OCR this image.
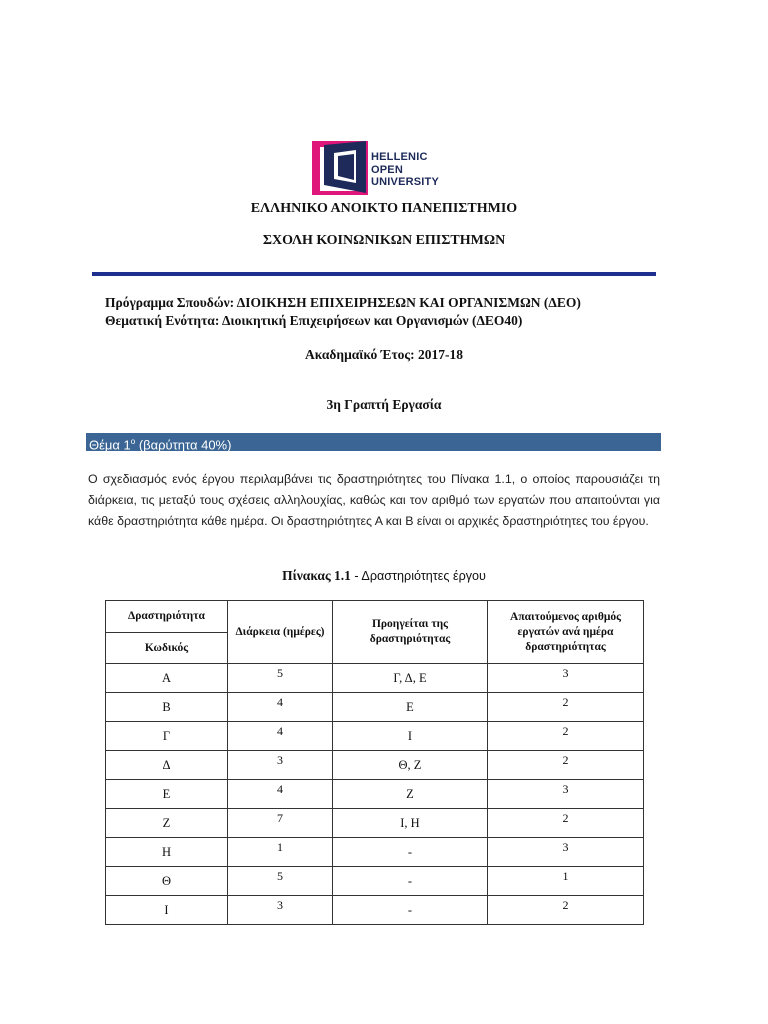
HELLENIC
OPEN
UNIVERSITY
ΕΛΛΗΝΙΚΟ ΑΝΟΙΚΤΟ ΠΑΝΕΠΙΣΤΗΜΙΟ
ΣΧΟΛΗ ΚΟΙΝΩΝΙΚΩΝ ΕΠΙΣΤΗΜΩΝ
Πρόγραμμα Σπουδών: ΔΙΟΙΚΗΣΗ ΕΠΙΧΕΙΡΗΣΕΩΝ ΚΑΙ ΟΡΓΑΝΙΣΜΩΝ (ΔΕΟ)
Θεματική Ενότητα: Διοικητική Επιχειρήσεων και Οργανισμών (ΔΕΟ40)
Ακαδημαϊκό Έτος: 2017-18
3η Γραπτή Εργασία
Θέμα $1^o$ (βαρύτητα 40%)
Ο σχεδιασμός ενός έργου περιλαμβάνει τις δραστηριότητες του Πίνακα 1.1, ο οποίος παρουσιάζει τη διάρκεια, τις μεταξύ τους σχέσεις αλληλουχίας, καθώς και τον αριθμό των εργατών που απαιτούνται για κάθε δραστηριότητα κάθε ημέρα. Οι δραστηριότητες Α και Β είναι οι αρχικές δραστηριότητες του έργου.
Πίνακας 1.1 - Δραστηριότητες έργου
Δραστηριότητα	Διάρκεια (ημέρες)	Προηγείται της δραστηριότητας	Απαιτούμενος αριθμός εργατών ανά ημέρα δραστηριότητας
Κωδικός			
Α	5	Γ, Δ, Ε	3
Β	4	Ε	2
Γ	4	Ι	2
Δ	3	Θ, Ζ	2
Ε	4	Ζ	3
Ζ	7	Ι, Η	2
Η	1	-	3
Θ	5	-	1
Ι	3	-	2
